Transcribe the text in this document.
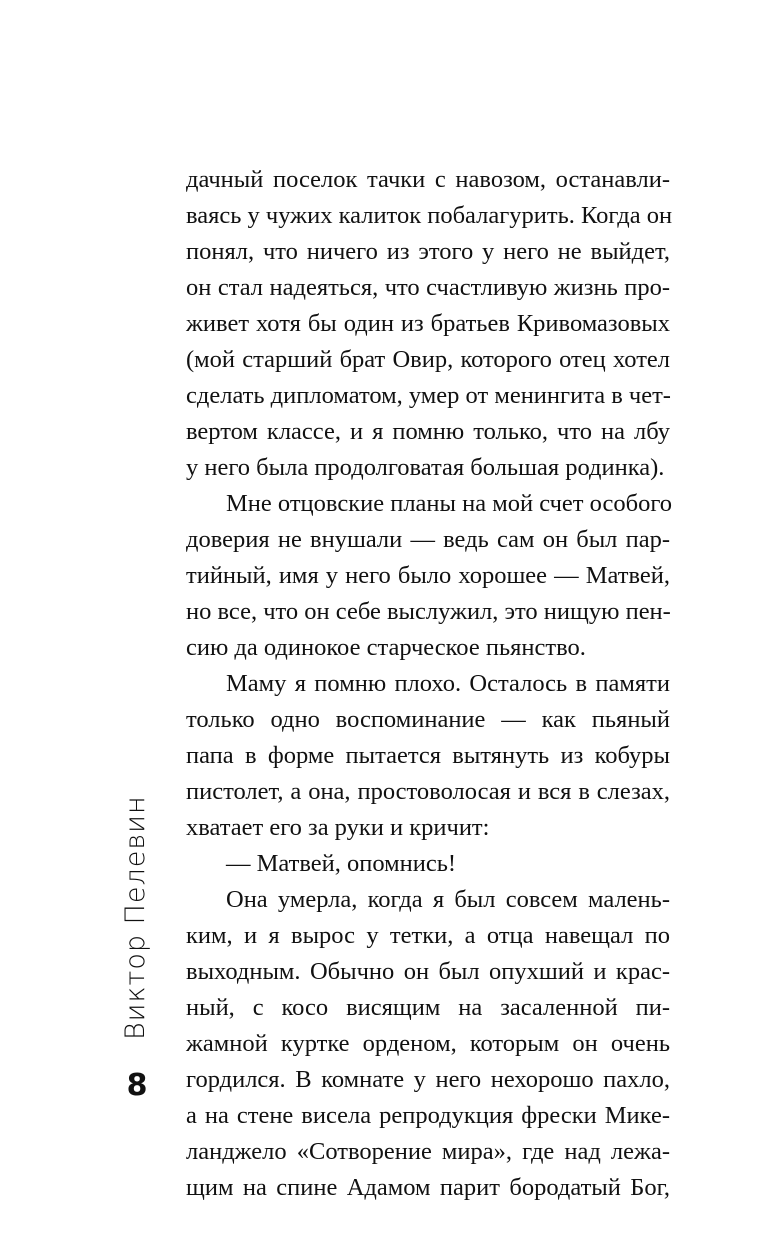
дачный поселок тачки с навозом, останавли-
ваясь у чужих калиток побалагурить. Когда он
понял, что ничего из этого у него не выйдет,
он стал надеяться, что счастливую жизнь про-
живет хотя бы один из братьев Кривомазовых
(мой старший брат Овир, которого отец хотел
сделать дипломатом, умер от менингита в чет-
вертом классе, и я помню только, что на лбу
у него была продолговатая большая родинка).
Мне отцовские планы на мой счет особого
доверия не внушали — ведь сам он был пар-
тийный, имя у него было хорошее — Матвей,
но все, что он себе выслужил, это нищую пен-
сию да одинокое старческое пьянство.
Маму я помню плохо. Осталось в памяти
только одно воспоминание — как пьяный
папа в форме пытается вытянуть из кобуры
пистолет, а она, простоволосая и вся в слезах,
хватает его за руки и кричит:
— Матвей, опомнись!
Она умерла, когда я был совсем малень-
ким, и я вырос у тетки, а отца навещал по
выходным. Обычно он был опухший и крас-
ный, с косо висящим на засаленной пи-
жамной куртке орденом, которым он очень
гордился. В комнате у него нехорошо пахло,
а на стене висела репродукция фрески Мике-
ланджело «Сотворение мира», где над лежа-
щим на спине Адамом парит бородатый Бог,
Виктор Пелевин
8
